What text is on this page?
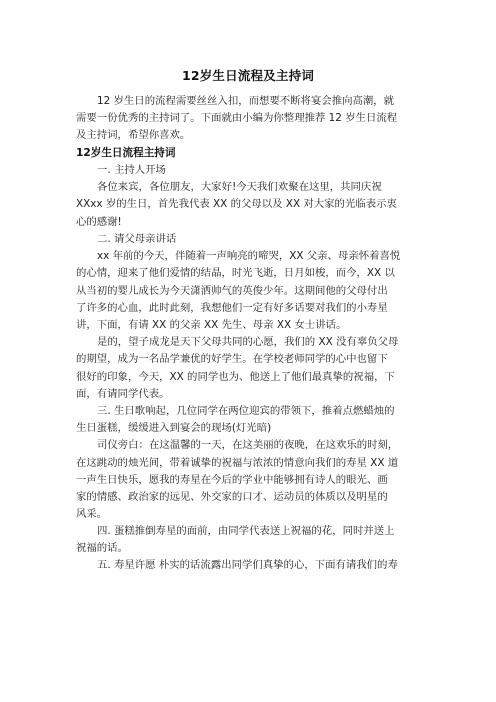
12岁生日流程及主持词
12 岁生日的流程需要丝丝入扣，而想要不断将宴会推向高潮，就
需要一份优秀的主持词了。下面就由小编为你整理推荐 12 岁生日流程
及主持词，希望你喜欢。
12岁生日流程主持词
一. 主持人开场
各位来宾，各位朋友，大家好!今天我们欢聚在这里，共同庆祝
XXxx 岁的生日，首先我代表 XX 的父母以及 XX 对大家的光临表示衷
心的感谢!
二. 请父母亲讲话
xx 年前的今天，伴随着一声响亮的啼哭，XX 父亲、母亲怀着喜悦
的心情，迎来了他们爱情的结晶，时光飞逝，日月如梭，而今，XX 以
从当初的婴儿成长为今天潇洒帅气的英俊少年。这期间他的父母付出
了许多的心血，此时此刻，我想他们一定有好多话要对我们的小寿星
讲，下面，有请 XX 的父亲 XX 先生、母亲 XX 女士讲话。
是的，望子成龙是天下父母共同的心愿，我们的 XX 没有辜负父母
的期望，成为一名品学兼优的好学生。在学校老师同学的心中也留下
很好的印象，今天，XX 的同学也为、他送上了他们最真挚的祝福，下
面，有请同学代表。
三. 生日歌响起，几位同学在两位迎宾的带领下，推着点燃蜡烛的
生日蛋糕，缓缓进入到宴会的现场(灯光暗)
司仪旁白：在这温馨的一天，在这美丽的夜晚，在这欢乐的时刻，
在这跳动的烛光间，带着诚挚的祝福与浓浓的情意向我们的寿星 XX 道
一声生日快乐，愿我的寿星在今后的学业中能够拥有诗人的眼光、画
家的情感、政治家的远见、外交家的口才、运动员的体质以及明星的
风采。
四. 蛋糕推倒寿星的面前，由同学代表送上祝福的花，同时并送上
祝福的话。
五. 寿星许愿 朴实的话流露出同学们真挚的心，下面有请我们的寿
